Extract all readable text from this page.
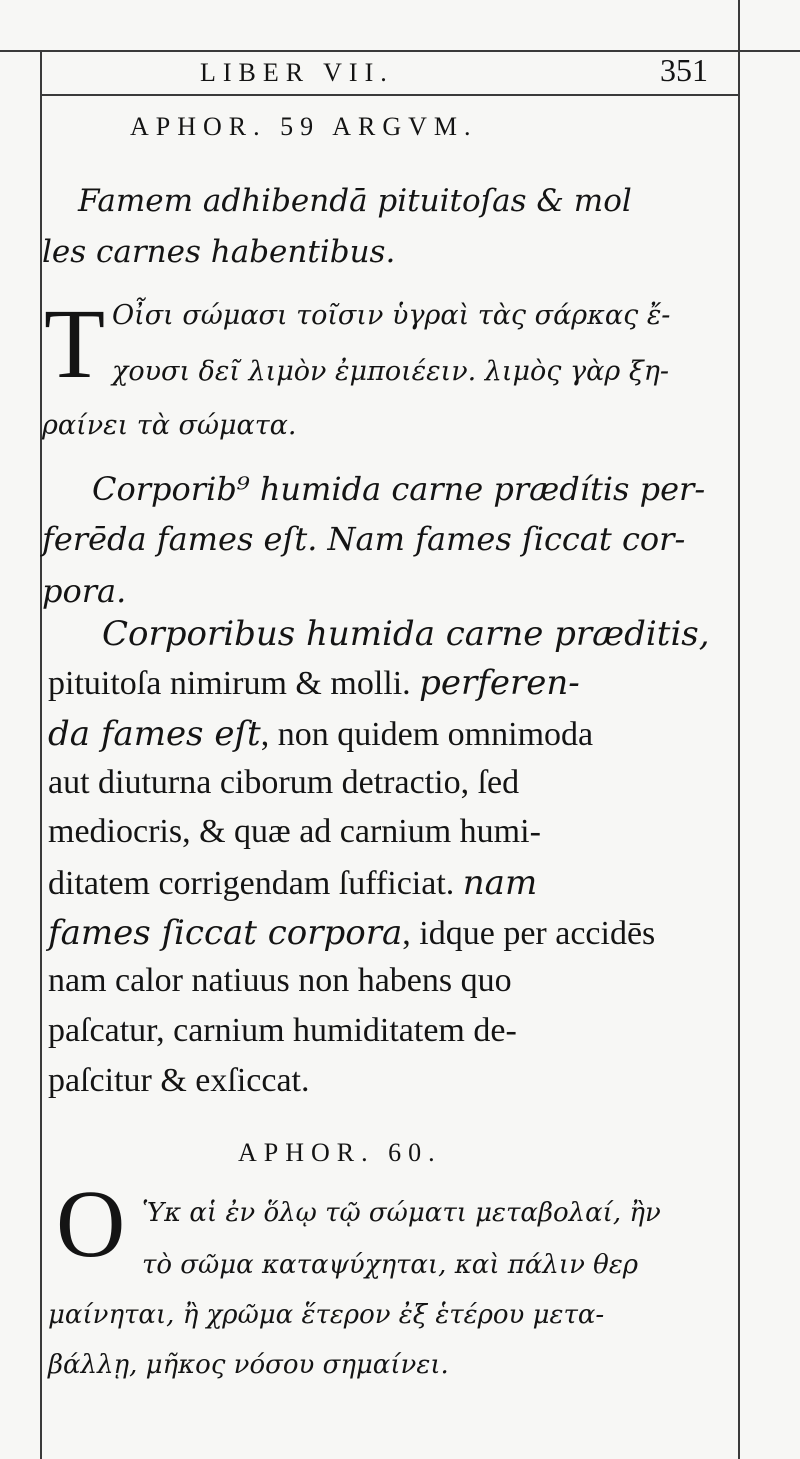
LIBER VII.	351
APHOR. 59 ARGVM.
Famem adhibendā pituitoſas & mol
les carnes habentibus.
T Οἶσι σώμασι τοῖσιν ὑγραὶ τὰς σάρκας ἔ-
χουσι δεῖ λιμὸν ἐμποιέειν. λιμὸς γὰρ ξη-
ραίνει τὰ σώματα.
Corporib⁹ humida carne prædítis per-
ferēda fames eſt. Nam fames ſiccat cor-
pora.
Corporibus humida carne præditis,
pituitoſa nimirum & molli. perferen-
da fames eſt, non quidem omnimoda
aut diuturna ciborum detractio, ſed
mediocris, & quæ ad carnium humi-
ditatem corrigendam ſufficiat. nam
fames ſiccat corpora, idque per accidēs
nam calor natiuus non habens quo
paſcatur, carnium humiditatem de-
paſcitur & exſiccat.
APHOR. 60.
O Ὑκ αἱ ἐν ὅλῳ τῷ σώματι μεταβολαί, ἢν
τὸ σῶμα καταψύχηται, καὶ πάλιν θερ
μαίνηται, ἢ χρῶμα ἕτερον ἐξ ἑτέρου μετα-
βάλλῃ, μῆκος νόσου σημαίνει.
